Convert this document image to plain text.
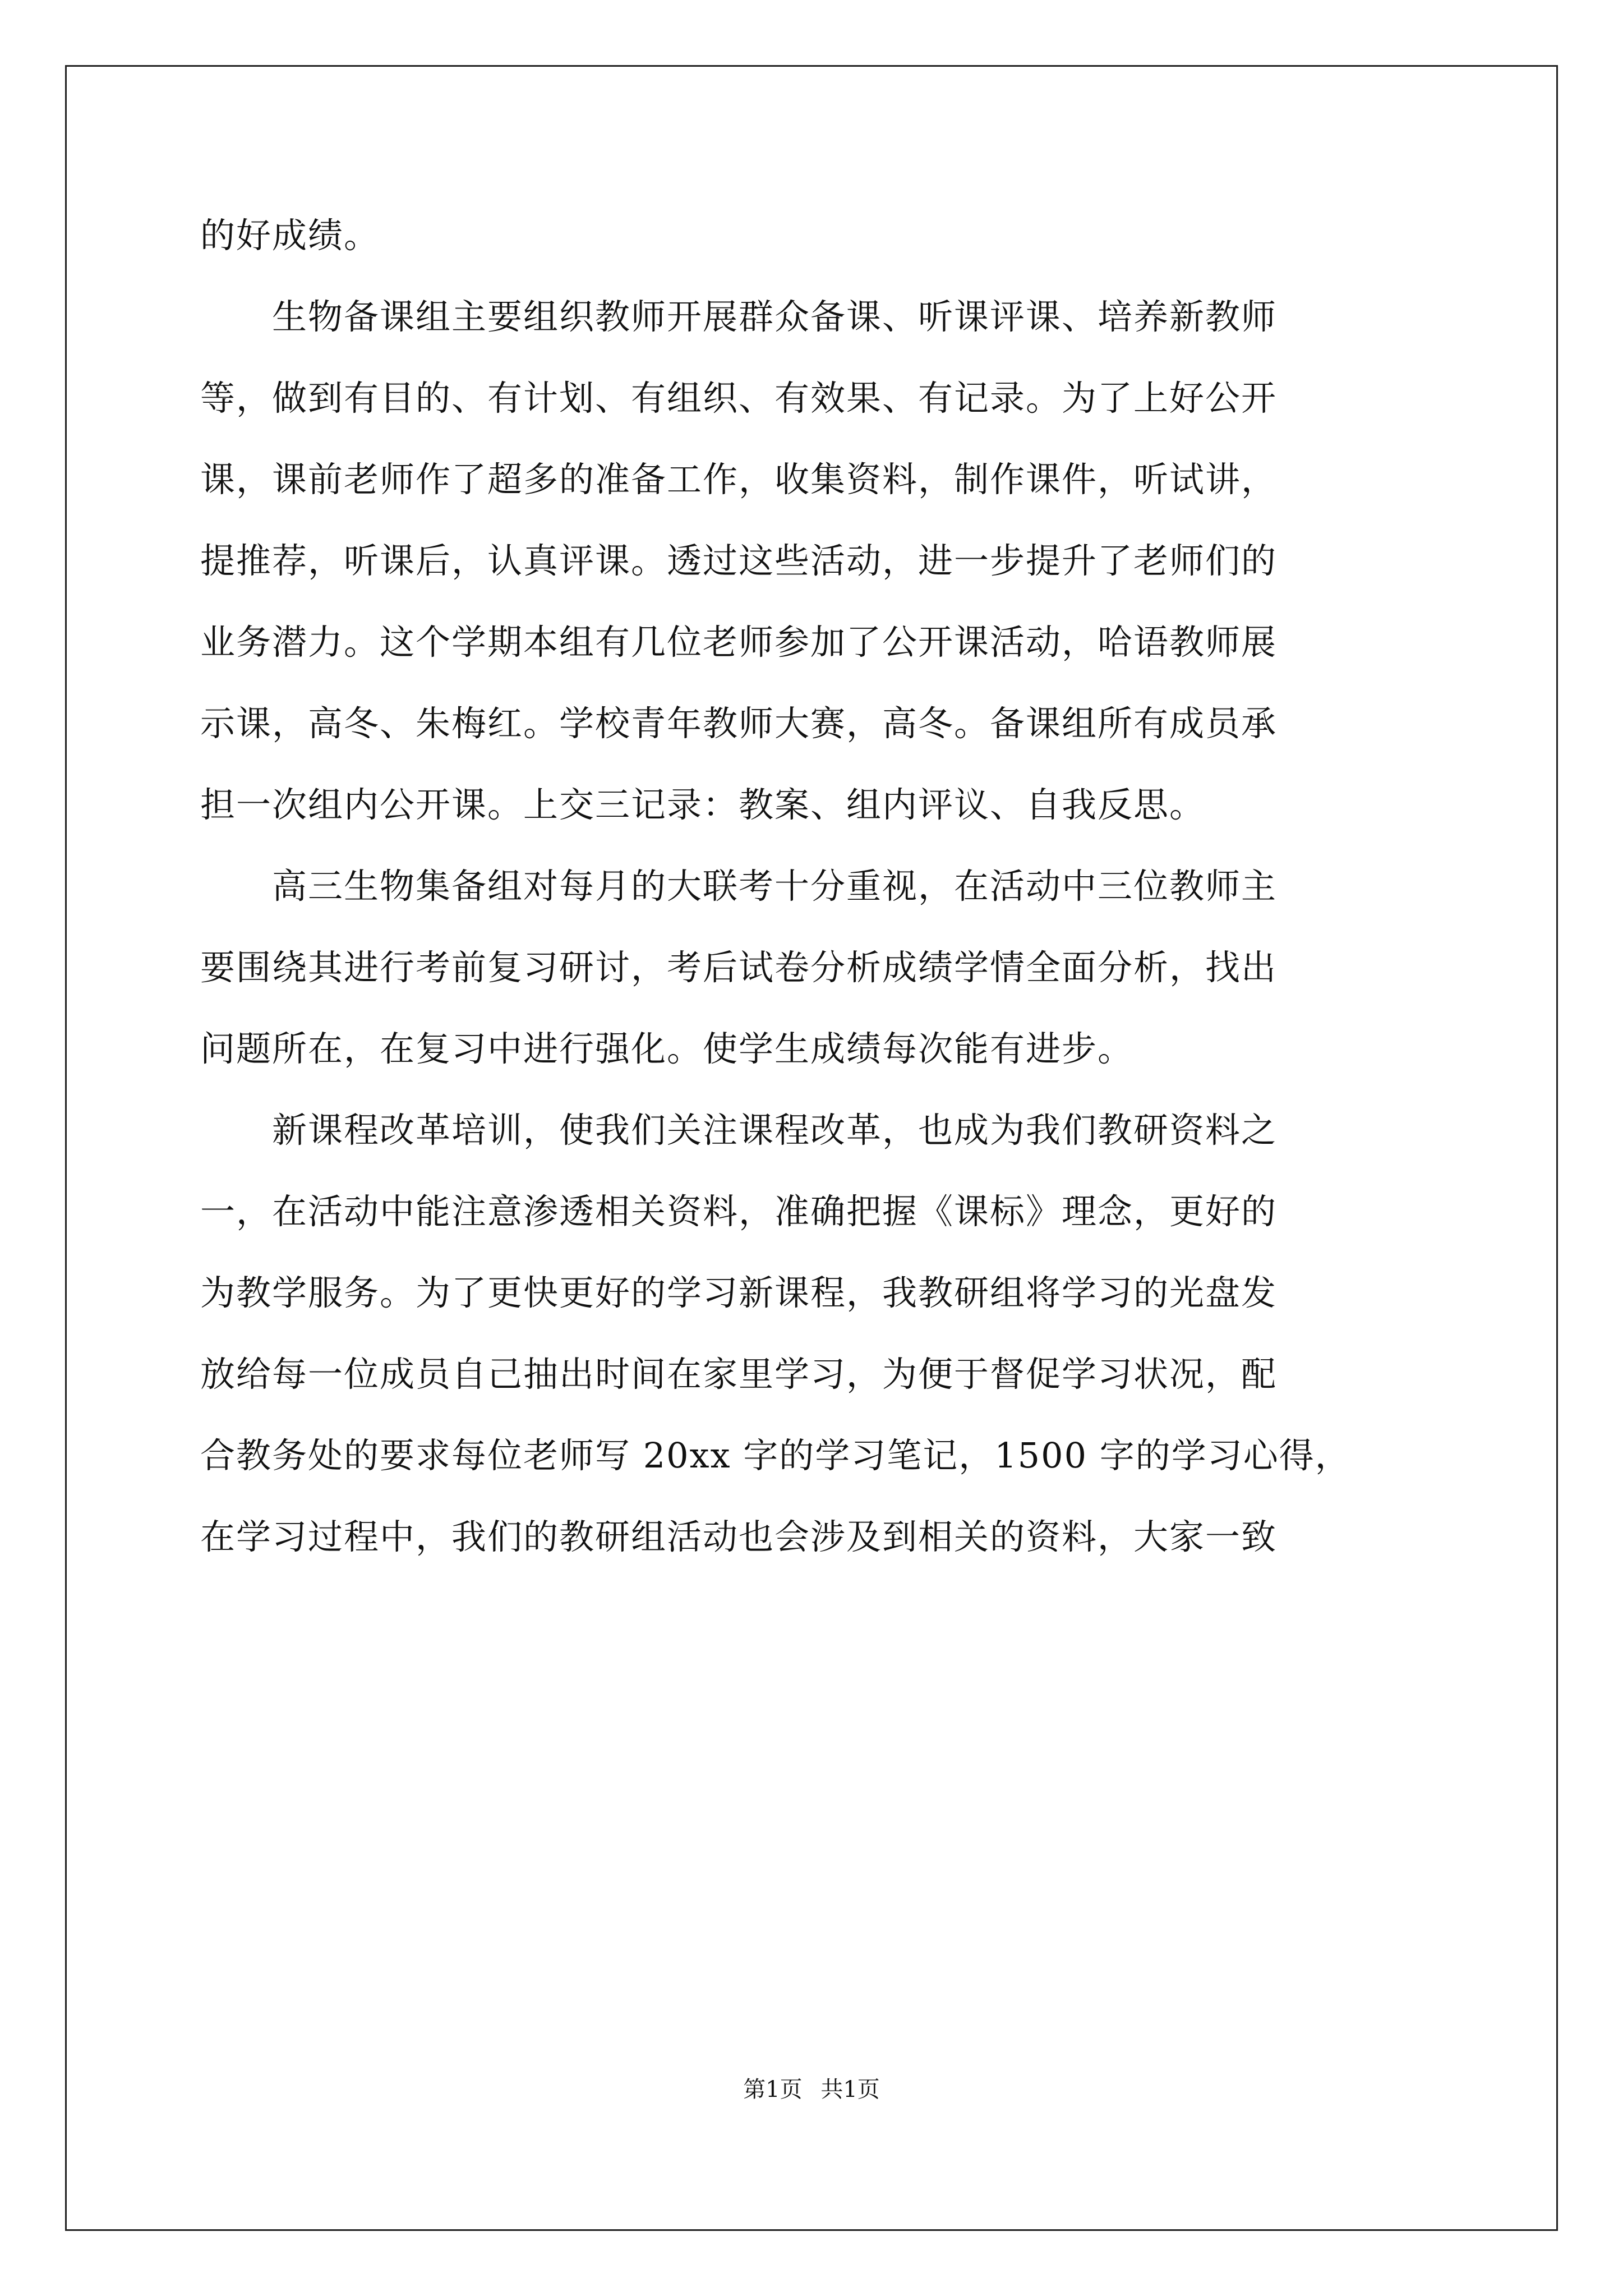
的好成绩。
　　生物备课组主要组织教师开展群众备课、听课评课、培养新教师
等，做到有目的、有计划、有组织、有效果、有记录。为了上好公开
课，课前老师作了超多的准备工作，收集资料，制作课件，听试讲，
提推荐，听课后，认真评课。透过这些活动，进一步提升了老师们的
业务潜力。这个学期本组有几位老师参加了公开课活动，哈语教师展
示课，高冬、朱梅红。学校青年教师大赛，高冬。备课组所有成员承
担一次组内公开课。上交三记录：教案、组内评议、自我反思。
　　高三生物集备组对每月的大联考十分重视，在活动中三位教师主
要围绕其进行考前复习研讨，考后试卷分析成绩学情全面分析，找出
问题所在，在复习中进行强化。使学生成绩每次能有进步。
　　新课程改革培训，使我们关注课程改革，也成为我们教研资料之
一，在活动中能注意渗透相关资料，准确把握《课标》理念，更好的
为教学服务。为了更快更好的学习新课程，我教研组将学习的光盘发
放给每一位成员自己抽出时间在家里学习，为便于督促学习状况，配
合教务处的要求每位老师写 20xx 字的学习笔记，1500 字的学习心得，
在学习过程中，我们的教研组活动也会涉及到相关的资料，大家一致
第1页 共1页
